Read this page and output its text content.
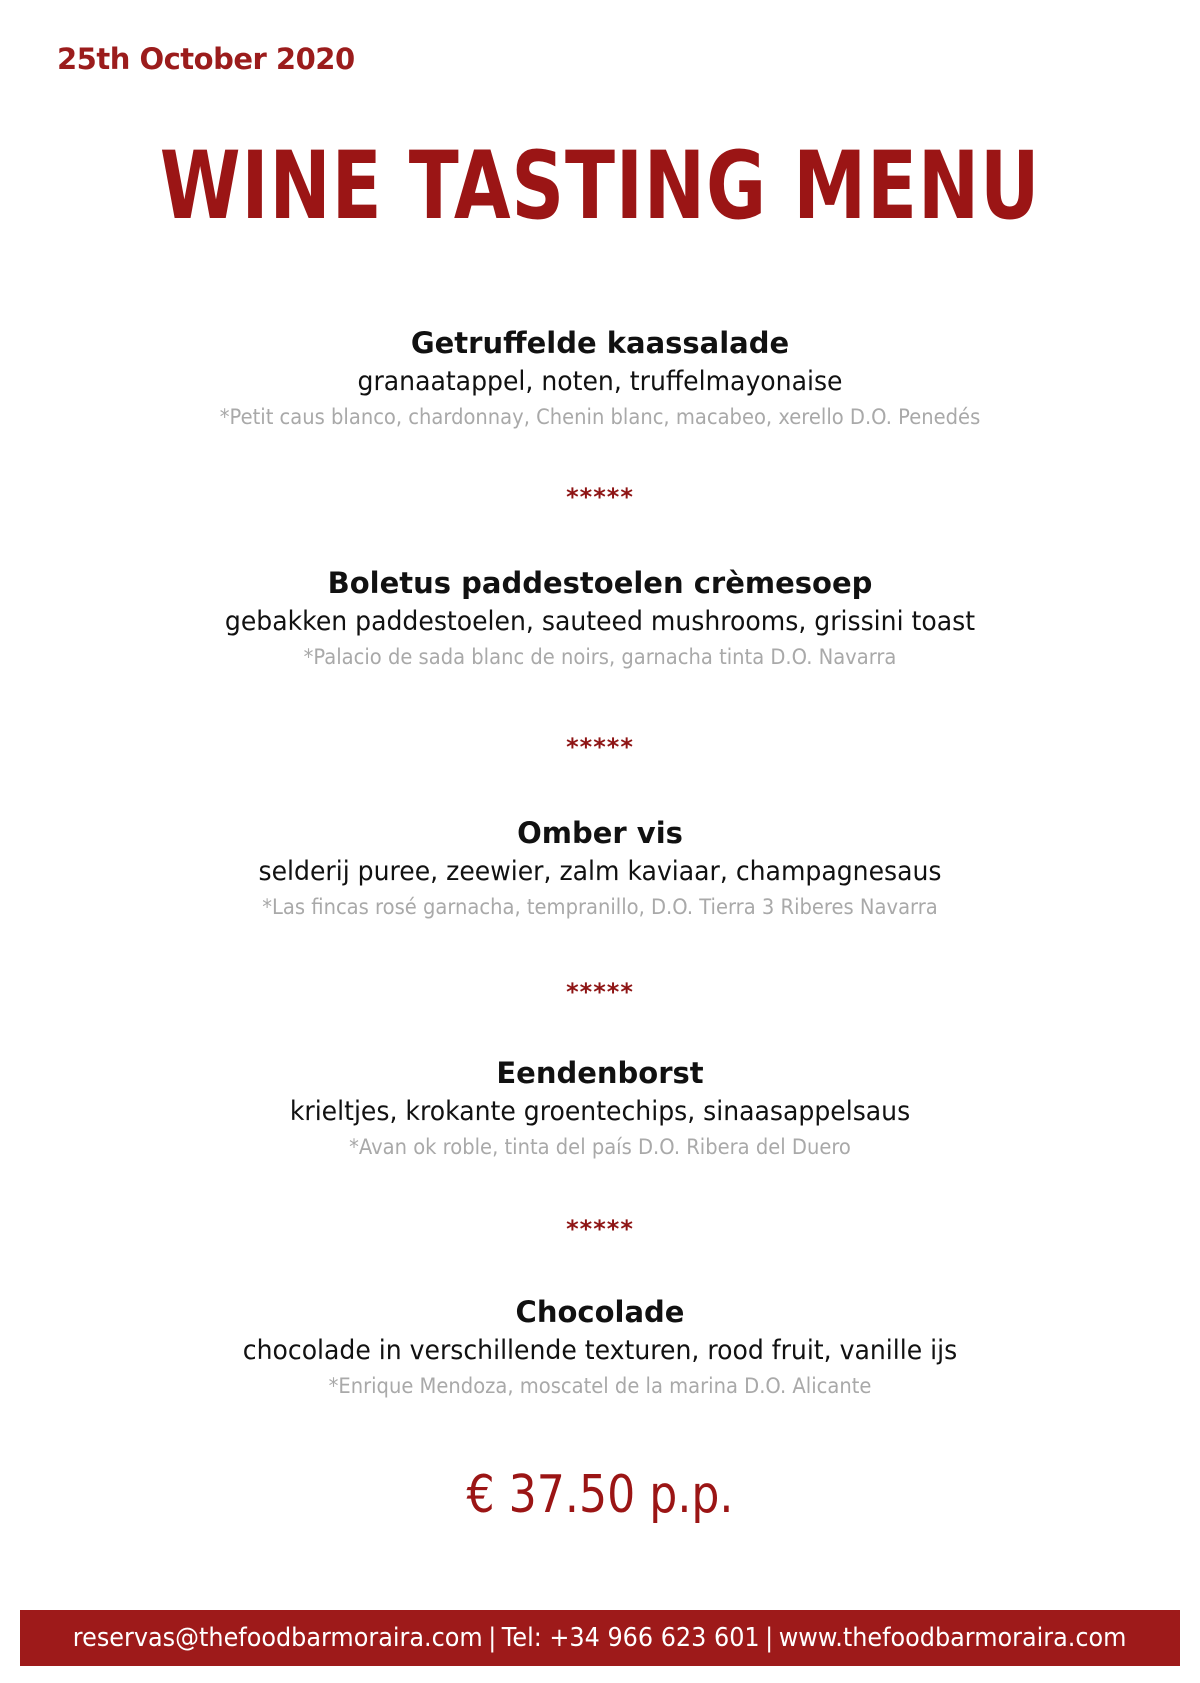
25th October 2020
WINE TASTING MENU
Getruffelde kaassalade
granaatappel, noten, truffelmayonaise
*Petit caus blanco, chardonnay, Chenin blanc, macabeo, xerello D.O. Penedés
*****
Boletus paddestoelen crèmesoep
gebakken paddestoelen, sauteed mushrooms, grissini toast
*Palacio de sada blanc de noirs, garnacha tinta D.O. Navarra
*****
Omber vis
selderij puree, zeewier, zalm kaviaar, champagnesaus
*Las fincas rosé garnacha, tempranillo, D.O. Tierra 3 Riberes Navarra
*****
Eendenborst
krieltjes, krokante groentechips, sinaasappelsaus
*Avan ok roble, tinta del país D.O. Ribera del Duero
*****
Chocolade
chocolade in verschillende texturen, rood fruit, vanille ijs
*Enrique Mendoza, moscatel de la marina D.O. Alicante
€ 37.50 p.p.
reservas@thefoodbarmoraira.com | Tel: +34 966 623 601 | www.thefoodbarmoraira.com
